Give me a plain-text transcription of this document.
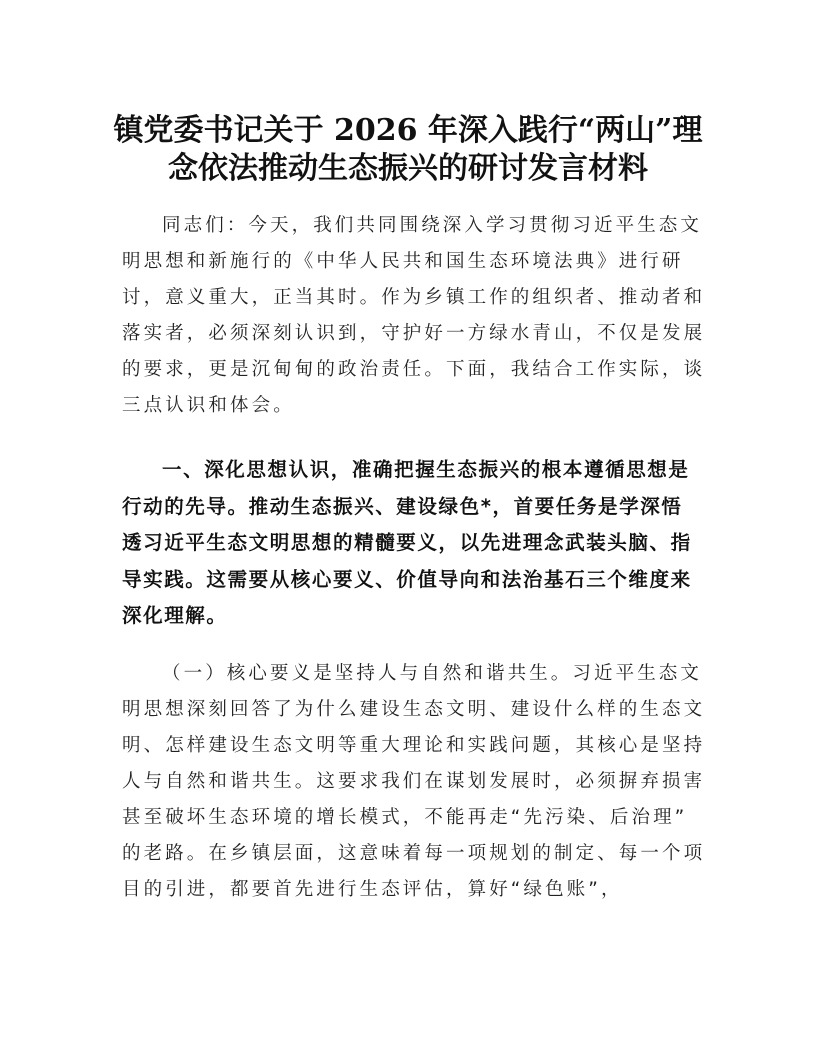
镇党委书记关于 2026 年深入践行“两山”理
念依法推动生态振兴的研讨发言材料
同志们：今天，我们共同围绕深入学习贯彻习近平生态文
明思想和新施行的《中华人民共和国生态环境法典》进行研
讨，意义重大，正当其时。作为乡镇工作的组织者、推动者和
落实者，必须深刻认识到，守护好一方绿水青山，不仅是发展
的要求，更是沉甸甸的政治责任。下面，我结合工作实际，谈
三点认识和体会。
一、深化思想认识，准确把握生态振兴的根本遵循思想是
行动的先导。推动生态振兴、建设绿色*，首要任务是学深悟
透习近平生态文明思想的精髓要义，以先进理念武装头脑、指
导实践。这需要从核心要义、价值导向和法治基石三个维度来
深化理解。
（一）核心要义是坚持人与自然和谐共生。习近平生态文
明思想深刻回答了为什么建设生态文明、建设什么样的生态文
明、怎样建设生态文明等重大理论和实践问题，其核心是坚持
人与自然和谐共生。这要求我们在谋划发展时，必须摒弃损害
甚至破坏生态环境的增长模式，不能再走“先污染、后治理”
的老路。在乡镇层面，这意味着每一项规划的制定、每一个项
目的引进，都要首先进行生态评估，算好“绿色账”，
